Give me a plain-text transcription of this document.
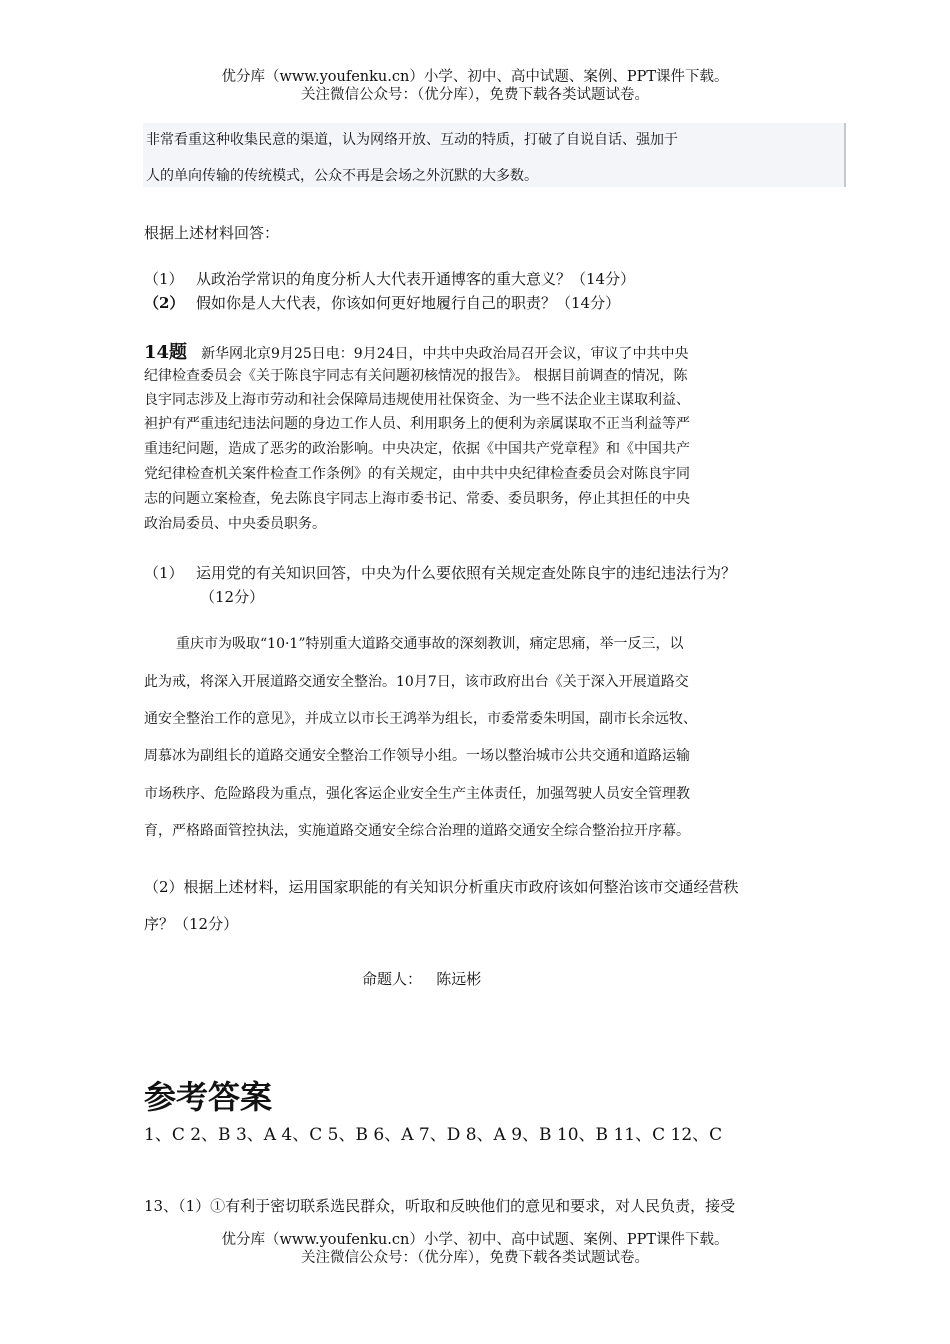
优分库（www.youfenku.cn）小学、初中、高中试题、案例、PPT课件下载。
关注微信公众号：（优分库），免费下载各类试题试卷。

非常看重这种收集民意的渠道，认为网络开放、互动的特质，打破了自说自话、强加于

人的单向传输的传统模式，公众不再是会场之外沉默的大多数。

根据上述材料回答：
（1） 从政治学常识的角度分析人大代表开通博客的重大意义？（14分）
（2） 假如你是人大代表，你该如何更好地履行自己的职责？（14分）
14题 新华网北京9月25日电：9月24日，中共中央政治局召开会议，审议了中共中央
纪律检查委员会《关于陈良宇同志有关问题初核情况的报告》。 根据目前调查的情况，陈
良宇同志涉及上海市劳动和社会保障局违规使用社保资金、为一些不法企业主谋取利益、
袒护有严重违纪违法问题的身边工作人员、利用职务上的便利为亲属谋取不正当利益等严
重违纪问题，造成了恶劣的政治影响。中央决定，依据《中国共产党章程》和《中国共产
党纪律检查机关案件检查工作条例》的有关规定，由中共中央纪律检查委员会对陈良宇同
志的问题立案检查，免去陈良宇同志上海市委书记、常委、委员职务，停止其担任的中央
政治局委员、中央委员职务。
（1） 运用党的有关知识回答，中央为什么要依照有关规定查处陈良宇的违纪违法行为？
（12分）
重庆市为吸取“10·1”特别重大道路交通事故的深刻教训，痛定思痛，举一反三，以
此为戒，将深入开展道路交通安全整治。10月7日，该市政府出台《关于深入开展道路交
通安全整治工作的意见》，并成立以市长王鸿举为组长，市委常委朱明国，副市长余远牧、
周慕冰为副组长的道路交通安全整治工作领导小组。一场以整治城市公共交通和道路运输
市场秩序、危险路段为重点，强化客运企业安全生产主体责任，加强驾驶人员安全管理教
育，严格路面管控执法，实施道路交通安全综合治理的道路交通安全综合整治拉开序幕。
（2）根据上述材料，运用国家职能的有关知识分析重庆市政府该如何整治该市交通经营秩
序？（12分）
命题人：   陈远彬
参考答案
1、C 2、B 3、A 4、C 5、B 6、A 7、D 8、A 9、B 10、B 11、C 12、C
13、（1）①有利于密切联系选民群众，听取和反映他们的意见和要求，对人民负责，接受
优分库（www.youfenku.cn）小学、初中、高中试题、案例、PPT课件下载。
关注微信公众号：（优分库），免费下载各类试题试卷。
